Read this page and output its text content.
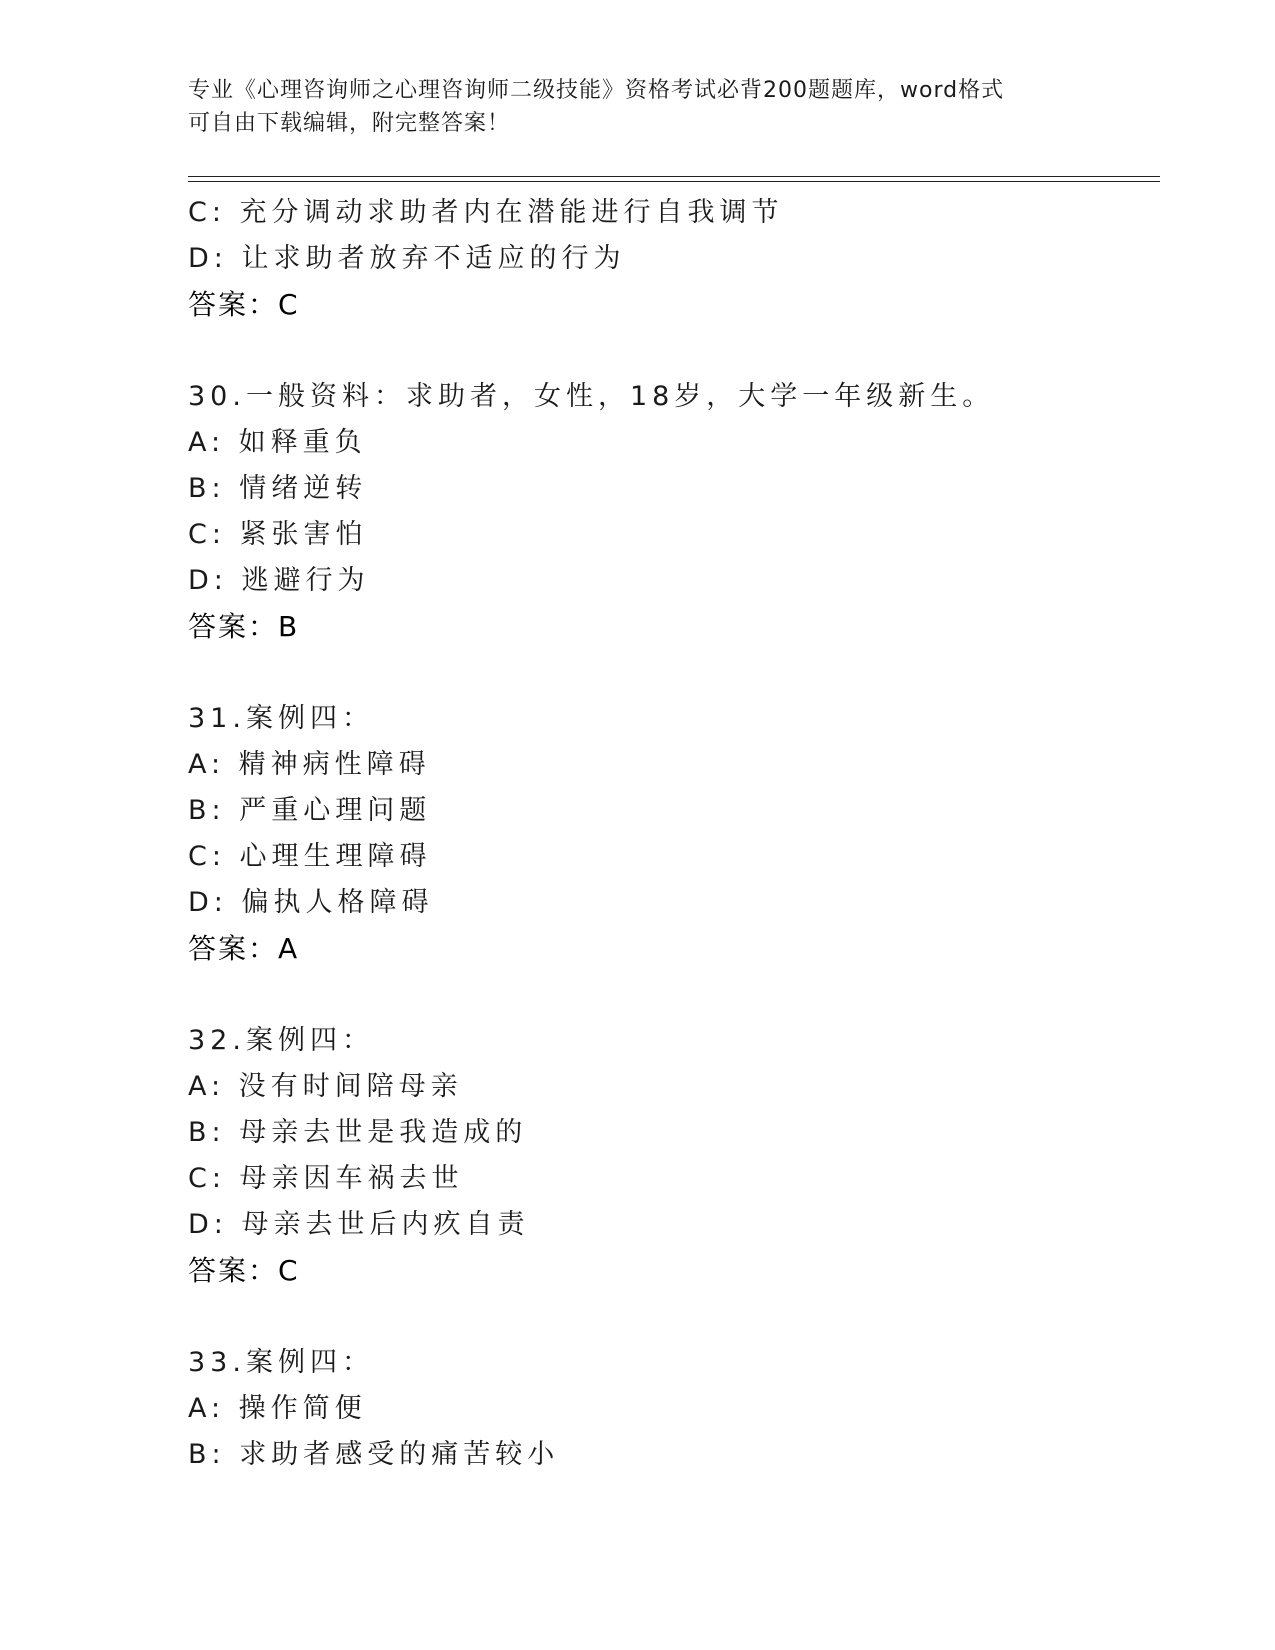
专业《心理咨询师之心理咨询师二级技能》资格考试必背200题题库，word格式
可自由下载编辑，附完整答案！
C: 充分调动求助者内在潜能进行自我调节
D: 让求助者放弃不适应的行为
答案：C
30.一般资料：求助者，女性，18岁，大学一年级新生。
A: 如释重负
B: 情绪逆转
C: 紧张害怕
D: 逃避行为
答案：B
31.案例四：
A: 精神病性障碍
B: 严重心理问题
C: 心理生理障碍
D: 偏执人格障碍
答案：A
32.案例四：
A: 没有时间陪母亲
B: 母亲去世是我造成的
C: 母亲因车祸去世
D: 母亲去世后内疚自责
答案：C
33.案例四：
A: 操作简便
B: 求助者感受的痛苦较小
